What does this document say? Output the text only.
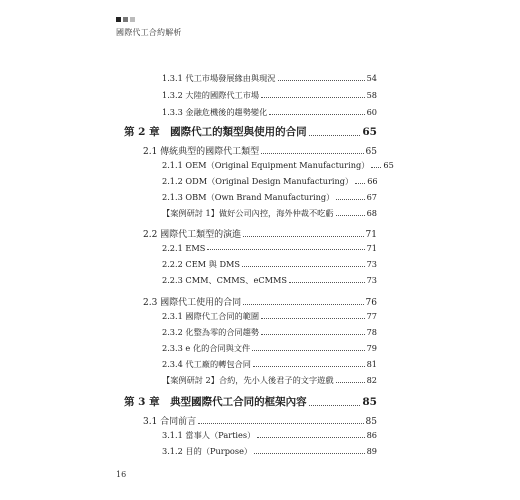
國際代工合約解析
1.3.1 代工市場發展緣由與現況	54
1.3.2 大陸的國際代工市場	58
1.3.3 金融危機後的趨勢變化	60
第 2 章　國際代工的類型與使用的合同	65
2.1 傳統典型的國際代工類型	65
2.1.1 OEM（Original Equipment Manufacturing） 65
2.1.2 ODM（Original Design Manufacturing） 66
2.1.3 OBM（Own Brand Manufacturing）	67
【案例研討 1】做好公司內控，海外仲裁不吃虧	68
2.2 國際代工類型的演進	71
2.2.1 EMS	71
2.2.2 CEM 與 DMS	73
2.2.3 CMM、CMMS、eCMMS	73
2.3 國際代工使用的合同	76
2.3.1 國際代工合同的範圍	77
2.3.2 化整為零的合同趨勢	78
2.3.3 e 化的合同與文件	79
2.3.4 代工廠的轉包合同	81
【案例研討 2】合約，先小人後君子的文字遊戲	82
第 3 章　典型國際代工合同的框架內容	85
3.1 合同前言	85
3.1.1 當事人（Parties）	86
3.1.2 目的（Purpose）	89
16
